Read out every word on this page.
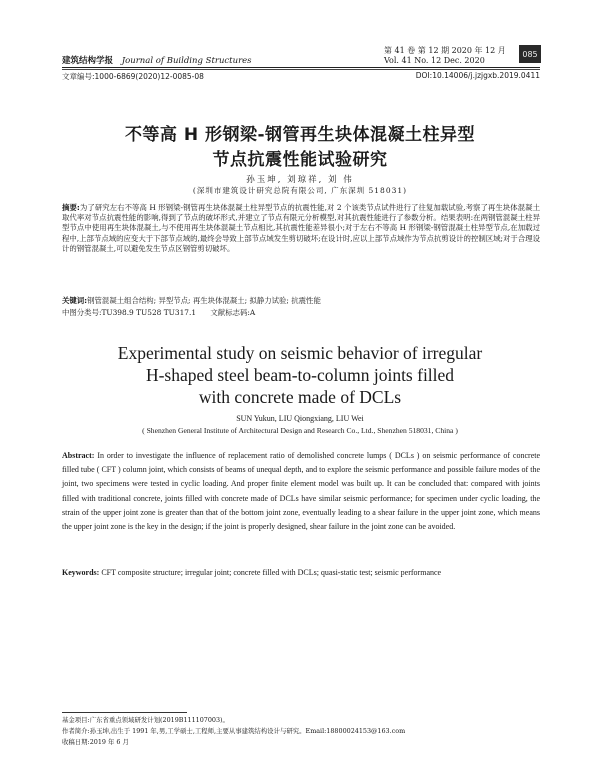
建筑结构学报 Journal of Building Structures
第 41 卷 第 12 期 2020 年 12 月
Vol. 41 No. 12 Dec. 2020
085
文章编号:1000-6869(2020)12-0085-08	DOI:10.14006/j.jzjgxb.2019.0411
不等高 H 形钢梁-钢管再生块体混凝土柱异型
节点抗震性能试验研究
孙玉坤, 刘琼祥, 刘 伟
(深圳市建筑设计研究总院有限公司, 广东深圳 518031)
摘要:为了研究左右不等高 H 形钢梁-钢管再生块体混凝土柱异型节点的抗震性能,对 2 个该类节点试件进行了往复加载试验,考察了再生块体混凝土取代率对节点抗震性能的影响,得到了节点的破坏形式,并建立了节点有限元分析模型,对其抗震性能进行了参数分析。结果表明:在两钢管混凝土柱异型节点中使用再生块体混凝土,与不使用再生块体混凝土节点相比,其抗震性能差异很小;对于左右不等高 H 形钢梁-钢管混凝土柱异型节点,在加载过程中,上部节点域的应变大于下部节点域的,最终会导致上部节点域发生剪切破坏;在设计时,应以上部节点域作为节点抗剪设计的控制区域;对于合理设计的钢管混凝土,可以避免发生节点区钢管剪切破坏。
关键词:钢管混凝土组合结构; 异型节点; 再生块体混凝土; 拟静力试验; 抗震性能
中图分类号:TU398.9 TU528 TU317.1 文献标志码:A
Experimental study on seismic behavior of irregular
H-shaped steel beam-to-column joints filled
with concrete made of DCLs
SUN Yukun, LIU Qiongxiang, LIU Wei
( Shenzhen General Institute of Architectural Design and Research Co., Ltd., Shenzhen 518031, China )
Abstract: In order to investigate the influence of replacement ratio of demolished concrete lumps ( DCLs ) on seismic performance of concrete filled tube ( CFT ) column joint, which consists of beams of unequal depth, and to explore the seismic performance and possible failure modes of the joint, two specimens were tested in cyclic loading. And proper finite element model was built up. It can be concluded that: compared with joints filled with traditional concrete, joints filled with concrete made of DCLs have similar seismic performance; for specimen under cyclic loading, the strain of the upper joint zone is greater than that of the bottom joint zone, eventually leading to a shear failure in the upper joint zone, which means the upper joint zone is the key in the design; if the joint is properly designed, shear failure in the joint zone can be avoided.
Keywords: CFT composite structure; irregular joint; concrete filled with DCLs; quasi-static test; seismic performance
基金项目:广东省重点领域研发计划(2019B111107003)。
作者简介:孙玉坤,出生于 1991 年,男,工学硕士,工程师,主要从事建筑结构设计与研究。Email:18800024153@163.com
收稿日期:2019 年 6 月
